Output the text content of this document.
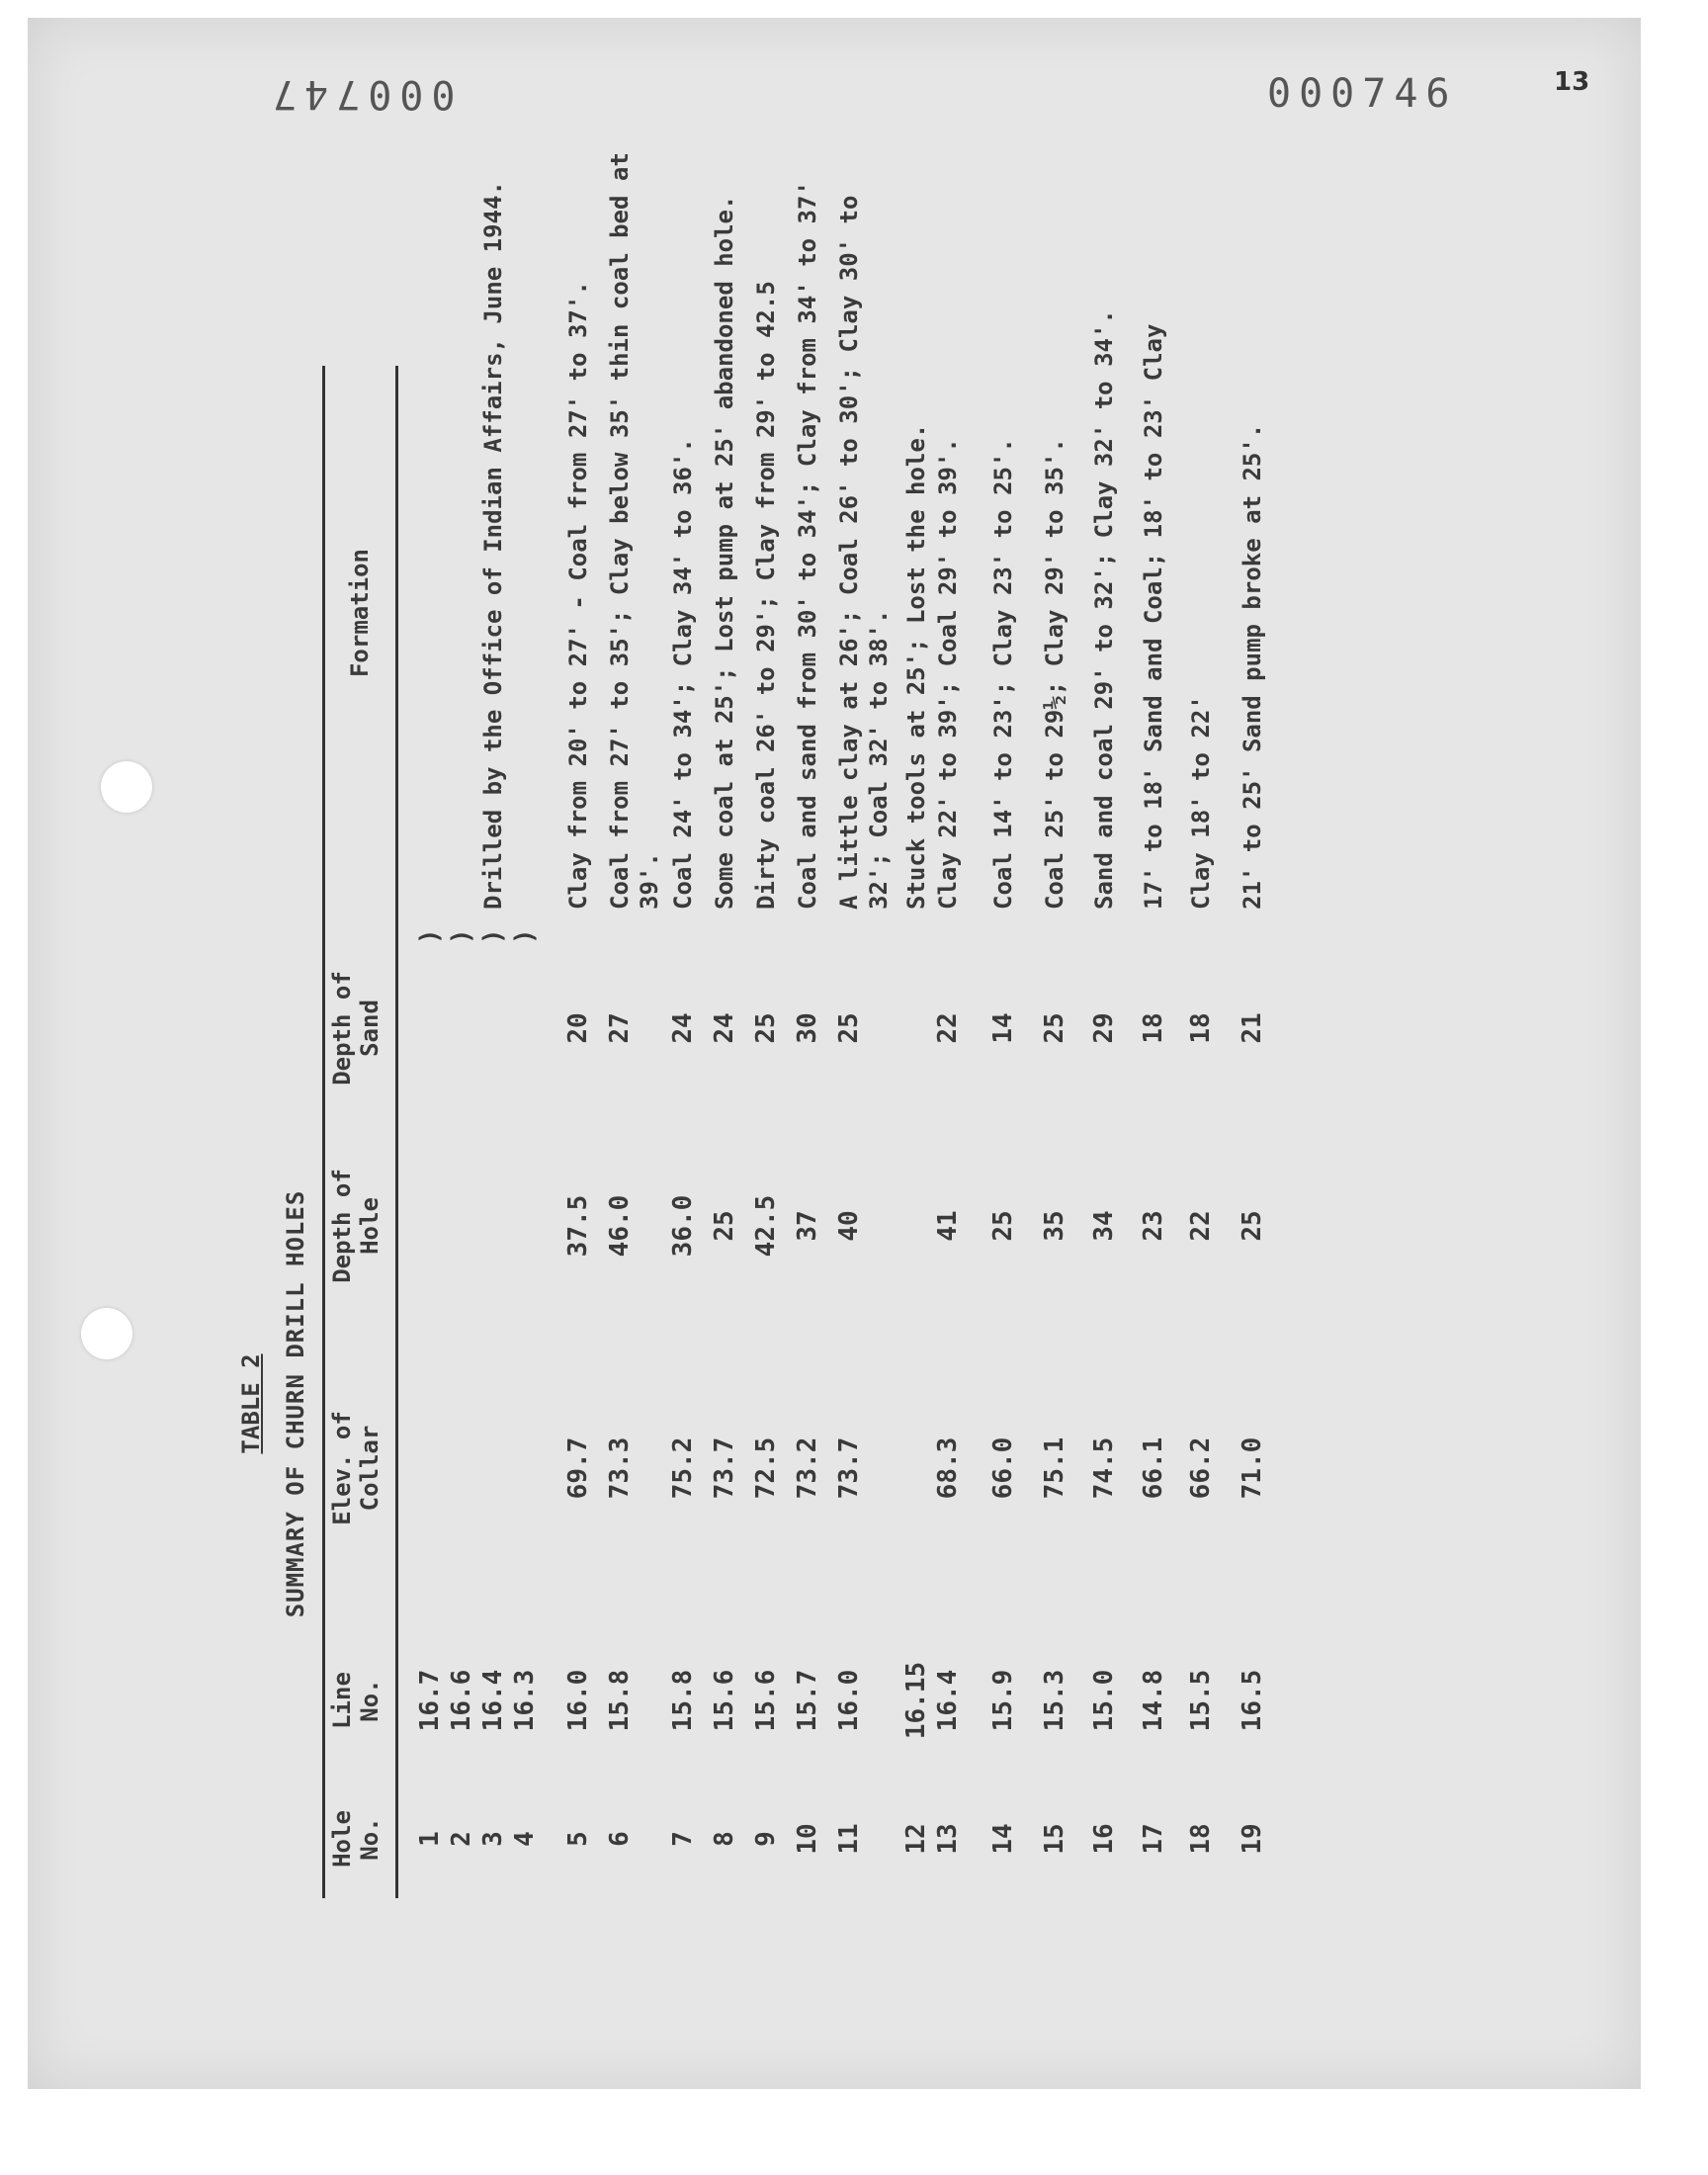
13
000746
000747
TABLE 2 SUMMARY OF CHURN DRILL HOLES
Hole
No.
Line
No.
Elev. of
Collar
Depth of
Hole
Depth of
Sand
Formation
1
16.7
2
16.6
3
16.4
4
16.3
5
16.0
69.7
37.5
20
Clay from 20' to 27' - Coal from 27' to 37'.
6
15.8
73.3
46.0
27
Coal from 27' to 35'; Clay below 35' thin coal bed at 39'.
7
15.8
75.2
36.0
24
Coal 24' to 34'; Clay 34' to 36'.
8
15.6
73.7
25
24
Some coal at 25'; Lost pump at 25' abandoned hole.
9
15.6
72.5
42.5
25
Dirty coal 26' to 29'; Clay from 29' to 42.5
10
15.7
73.2
37
30
Coal and sand from 30' to 34'; Clay from 34' to 37'
11
16.0
73.7
40
25
A little clay at 26'; Coal 26' to 30'; Clay 30' to 32'; Coal 32' to 38'.
12
16.15
Stuck tools at 25'; Lost the hole.
13
16.4
68.3
41
22
Clay 22' to 39'; Coal 29' to 39'.
14
15.9
66.0
25
14
Coal 14' to 23'; Clay 23' to 25'.
15
15.3
75.1
35
25
Coal 25' to 29½; Clay 29' to 35'.
16
15.0
74.5
34
29
Sand and coal 29' to 32'; Clay 32' to 34'.
17
14.8
66.1
23
18
17' to 18' Sand and Coal; 18' to 23' Clay
18
15.5
66.2
22
18
Clay 18' to 22'
19
16.5
71.0
25
21
21' to 25' Sand pump broke at 25'.
) ) ) )
Drilled by the Office of Indian Affairs, June 1944.
